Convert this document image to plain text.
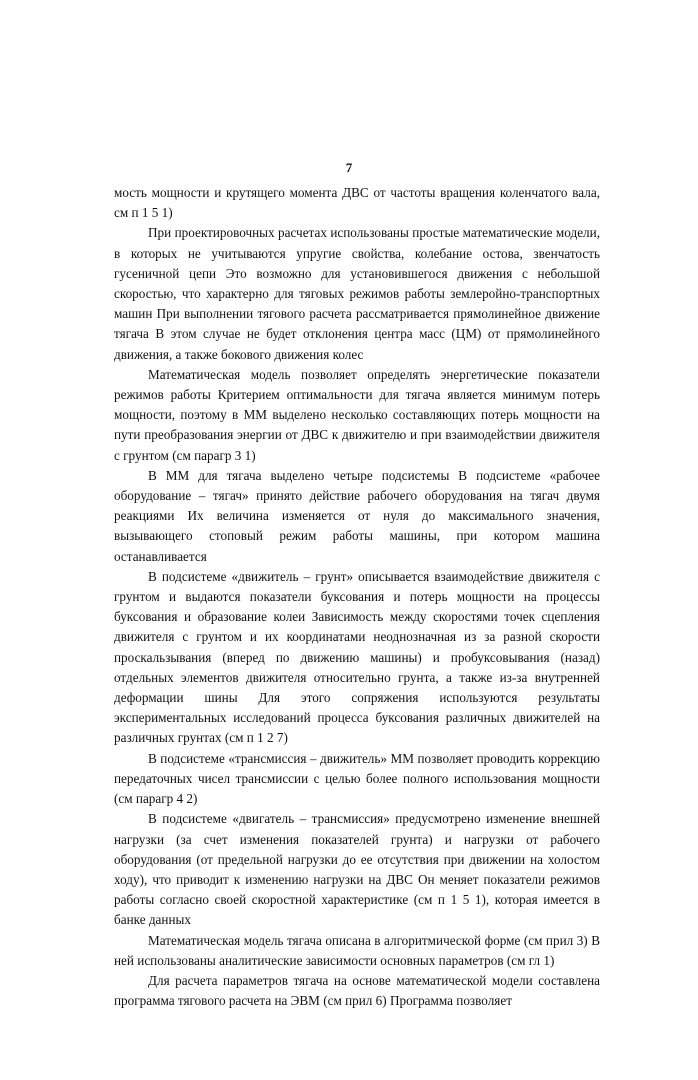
7

мость мощности и крутящего момента ДВС от частоты вращения коленчатого вала, см п 1 5 1)

При проектировочных расчетах использованы простые математические модели, в которых не учитываются упругие свойства, колебание остова, звенчатость гусеничной цепи Это возможно для установившегося движения с небольшой скоростью, что характерно для тяговых режимов работы землеройно-транспортных машин При выполнении тягового расчета рассматривается прямолинейное движение тягача В этом случае не будет отклонения центра масс (ЦМ) от прямолинейного движения, а также бокового движения колес

Математическая модель позволяет определять энергетические показатели режимов работы Критерием оптимальности для тягача является минимум потерь мощности, поэтому в ММ выделено несколько составляющих потерь мощности на пути преобразования энергии от ДВС к движителю и при взаимодействии движителя с грунтом (см парагр 3 1)

В ММ для тягача выделено четыре подсистемы В подсистеме «рабочее оборудование – тягач» принято действие рабочего оборудования на тягач двумя реакциями Их величина изменяется от нуля до максимального значения, вызывающего стоповый режим работы машины, при котором машина останавливается

В подсистеме «движитель – грунт» описывается взаимодействие движителя с грунтом и выдаются показатели буксования и потерь мощности на процессы буксования и образование колеи Зависимость между скоростями точек сцепления движителя с грунтом и их координатами неоднозначная из за разной скорости проскальзывания (вперед по движению машины) и пробуксовывания (назад) отдельных элементов движителя относительно грунта, а также из-за внутренней деформации шины Для этого сопряжения используются результаты экспериментальных исследований процесса буксования различных движителей на различных грунтах (см п 1 2 7)

В подсистеме «трансмиссия – движитель» ММ позволяет проводить коррекцию передаточных чисел трансмиссии с целью более полного использования мощности (см парагр 4 2)

В подсистеме «двигатель – трансмиссия» предусмотрено изменение внешней нагрузки (за счет изменения показателей грунта) и нагрузки от рабочего оборудования (от предельной нагрузки до ее отсутствия при движении на холостом ходу), что приводит к изменению нагрузки на ДВС Он меняет показатели режимов работы согласно своей скоростной характеристике (см п 1 5 1), которая имеется в банке данных

Математическая модель тягача описана в алгоритмической форме (см прил 3) В ней использованы аналитические зависимости основных параметров (см гл 1)

Для расчета параметров тягача на основе математической модели составлена программа тягового расчета на ЭВМ (см прил 6) Программа позволяет
